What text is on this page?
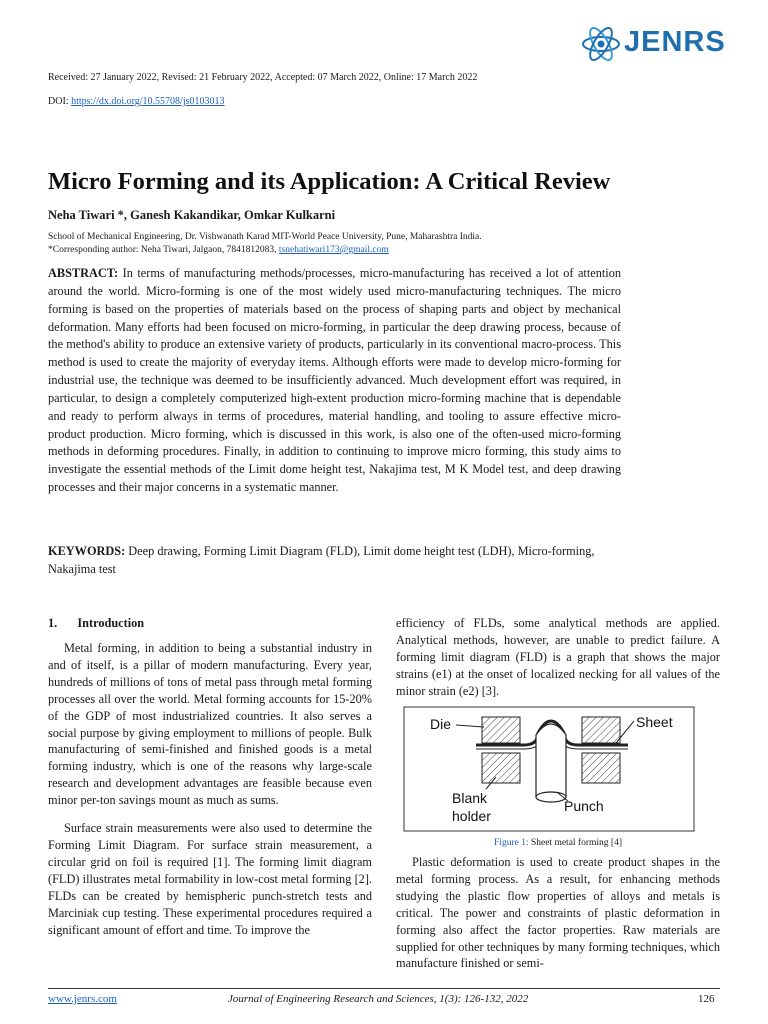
JENRS
Received: 27 January 2022, Revised: 21 February 2022, Accepted: 07 March 2022, Online: 17 March 2022
DOI: https://dx.doi.org/10.55708/js0103013
Micro Forming and its Application: A Critical Review
Neha Tiwari *, Ganesh Kakandikar, Omkar Kulkarni
School of Mechanical Engineering, Dr. Vishwanath Karad MIT-World Peace University, Pune, Maharashtra India.
*Corresponding author: Neha Tiwari, Jalgaon, 7841812083, tsnehatiwari173@gmail.com
ABSTRACT: In terms of manufacturing methods/processes, micro-manufacturing has received a lot of attention around the world. Micro-forming is one of the most widely used micro-manufacturing techniques. The micro forming is based on the properties of materials based on the process of shaping parts and object by mechanical deformation. Many efforts had been focused on micro-forming, in particular the deep drawing process, because of the method's ability to produce an extensive variety of products, particularly in its conventional macro-process. This method is used to create the majority of everyday items. Although efforts were made to develop micro-forming for industrial use, the technique was deemed to be insufficiently advanced. Much development effort was required, in particular, to design a completely computerized high-extent production micro-forming machine that is dependable and ready to perform always in terms of procedures, material handling, and tooling to assure effective micro-product production. Micro forming, which is discussed in this work, is also one of the often-used micro-forming methods in deforming procedures. Finally, in addition to continuing to improve micro forming, this study aims to investigate the essential methods of the Limit dome height test, Nakajima test, M K Model test, and deep drawing processes and their major concerns in a systematic manner.
KEYWORDS: Deep drawing, Forming Limit Diagram (FLD), Limit dome height test (LDH), Micro-forming, Nakajima test
1. Introduction

Metal forming, in addition to being a substantial industry in and of itself, is a pillar of modern manufacturing. Every year, hundreds of millions of tons of metal pass through metal forming processes all over the world. Metal forming accounts for 15-20% of the GDP of most industrialized countries. It also serves a social purpose by giving employment to millions of people. Bulk manufacturing of semi-finished and finished goods is a metal forming industry, which is one of the reasons why large-scale research and development advantages are feasible because even minor per-ton savings mount as much as sums.

Surface strain measurements were also used to determine the Forming Limit Diagram. For surface strain measurement, a circular grid on foil is required [1]. The forming limit diagram (FLD) illustrates metal formability in low-cost metal forming [2]. FLDs can be created by hemispheric punch-stretch tests and Marciniak cup testing. These experimental procedures required a significant amount of effort and time. To improve the

efficiency of FLDs, some analytical methods are applied. Analytical methods, however, are unable to predict failure. A forming limit diagram (FLD) is a graph that shows the major strains (e1) at the onset of localized necking for all values of the minor strain (e2) [3].

Die	Sheet
Blank
holder
Punch
Figure 1: Sheet metal forming [4]

Plastic deformation is used to create product shapes in the metal forming process. As a result, for enhancing methods studying the plastic flow properties of alloys and metals is critical. The power and constraints of plastic deformation in forming also affect the factor properties. Raw materials are supplied for other techniques by many forming techniques, which manufacture finished or semi-

www.jenrs.com	Journal of Engineering Research and Sciences, 1(3): 126-132, 2022	126
